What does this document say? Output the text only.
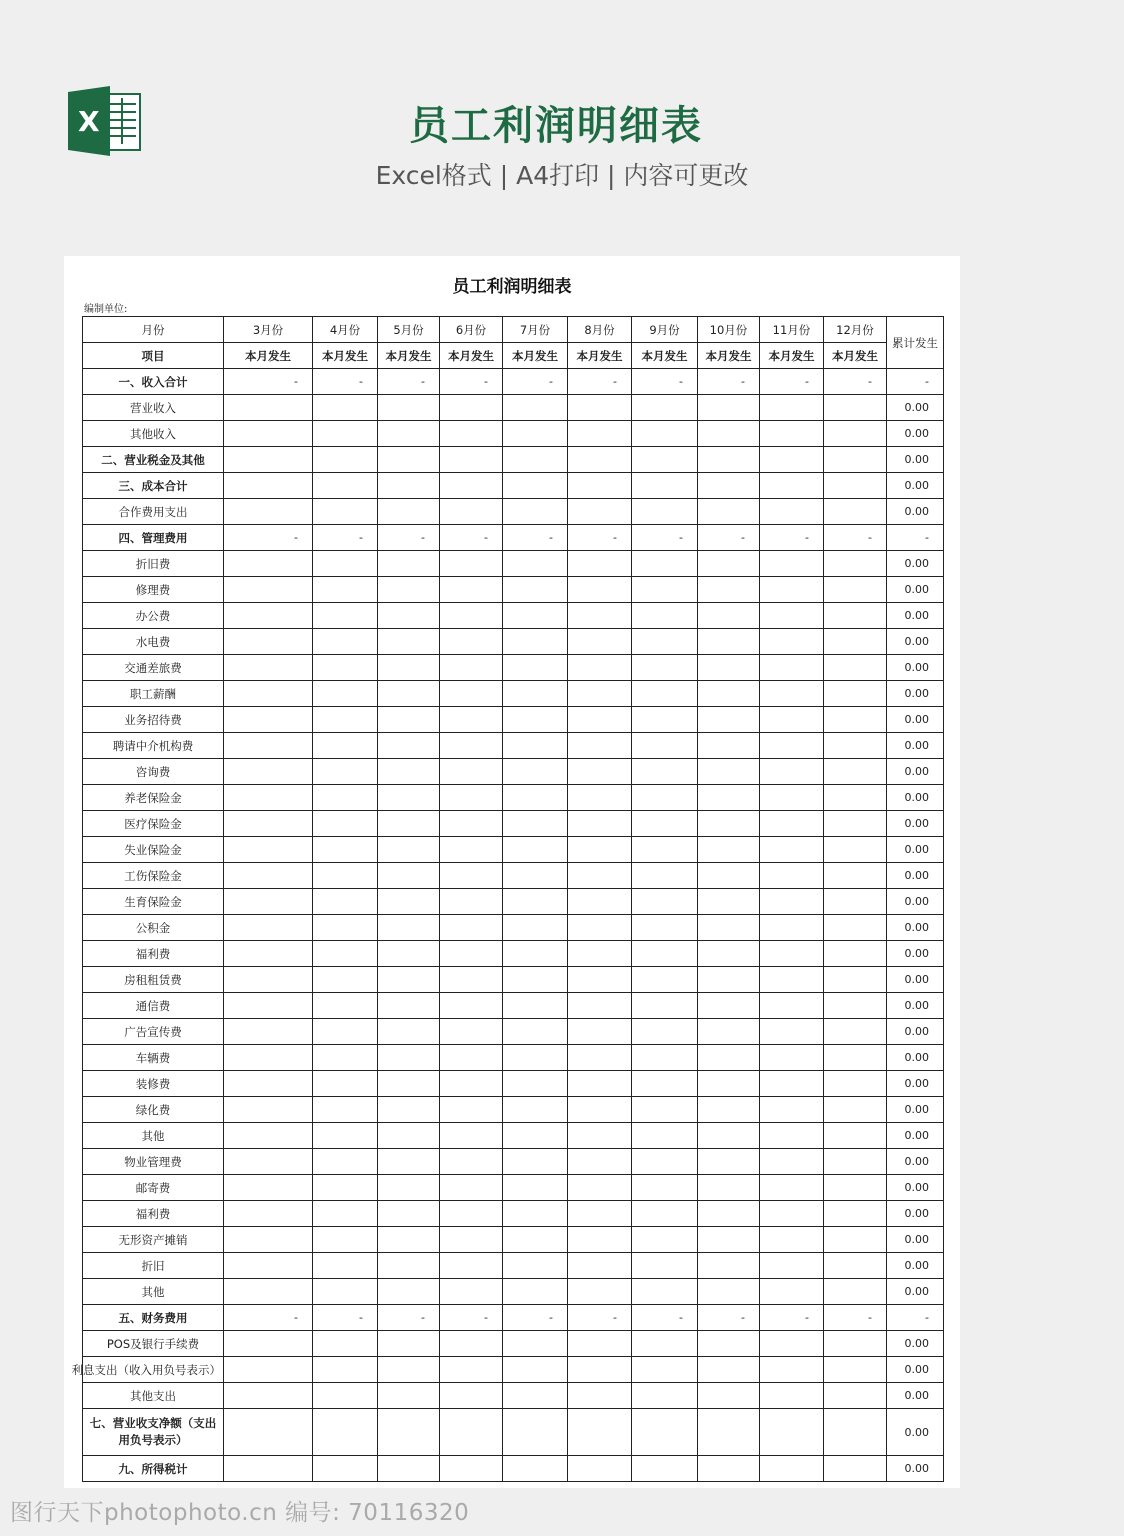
X	员工利润明细表
Excel格式 | A4打印 | 内容可更改
员工利润明细表
编制单位:
月份	3月份	4月份	5月份	6月份	7月份	8月份	9月份	10月份	11月份	12月份	累计发生
项目	本月发生	本月发生	本月发生	本月发生	本月发生	本月发生	本月发生	本月发生	本月发生	本月发生	
一、收入合计	-	-	-	-	-	-	-	-	-	-	-
营业收入											0.00
其他收入											0.00
二、营业税金及其他											0.00
三、成本合计											0.00
合作费用支出											0.00
四、管理费用	-	-	-	-	-	-	-	-	-	-	-
折旧费											0.00
修理费											0.00
办公费											0.00
水电费											0.00
交通差旅费											0.00
职工薪酬											0.00
业务招待费											0.00
聘请中介机构费											0.00
咨询费											0.00
养老保险金											0.00
医疗保险金											0.00
失业保险金											0.00
工伤保险金											0.00
生育保险金											0.00
公积金											0.00
福利费											0.00
房租租赁费											0.00
通信费											0.00
广告宣传费											0.00
车辆费											0.00
装修费											0.00
绿化费											0.00
其他											0.00
物业管理费											0.00
邮寄费											0.00
福利费											0.00
无形资产摊销											0.00
折旧											0.00
其他											0.00
五、财务费用	-	-	-	-	-	-	-	-	-	-	-
POS及银行手续费											0.00
利息支出（收入用负号表示）											0.00
其他支出											0.00
七、营业收支净额（支出用负号表示）											0.00
九、所得税计											0.00
图行天下photophoto.cn 编号: 70116320
